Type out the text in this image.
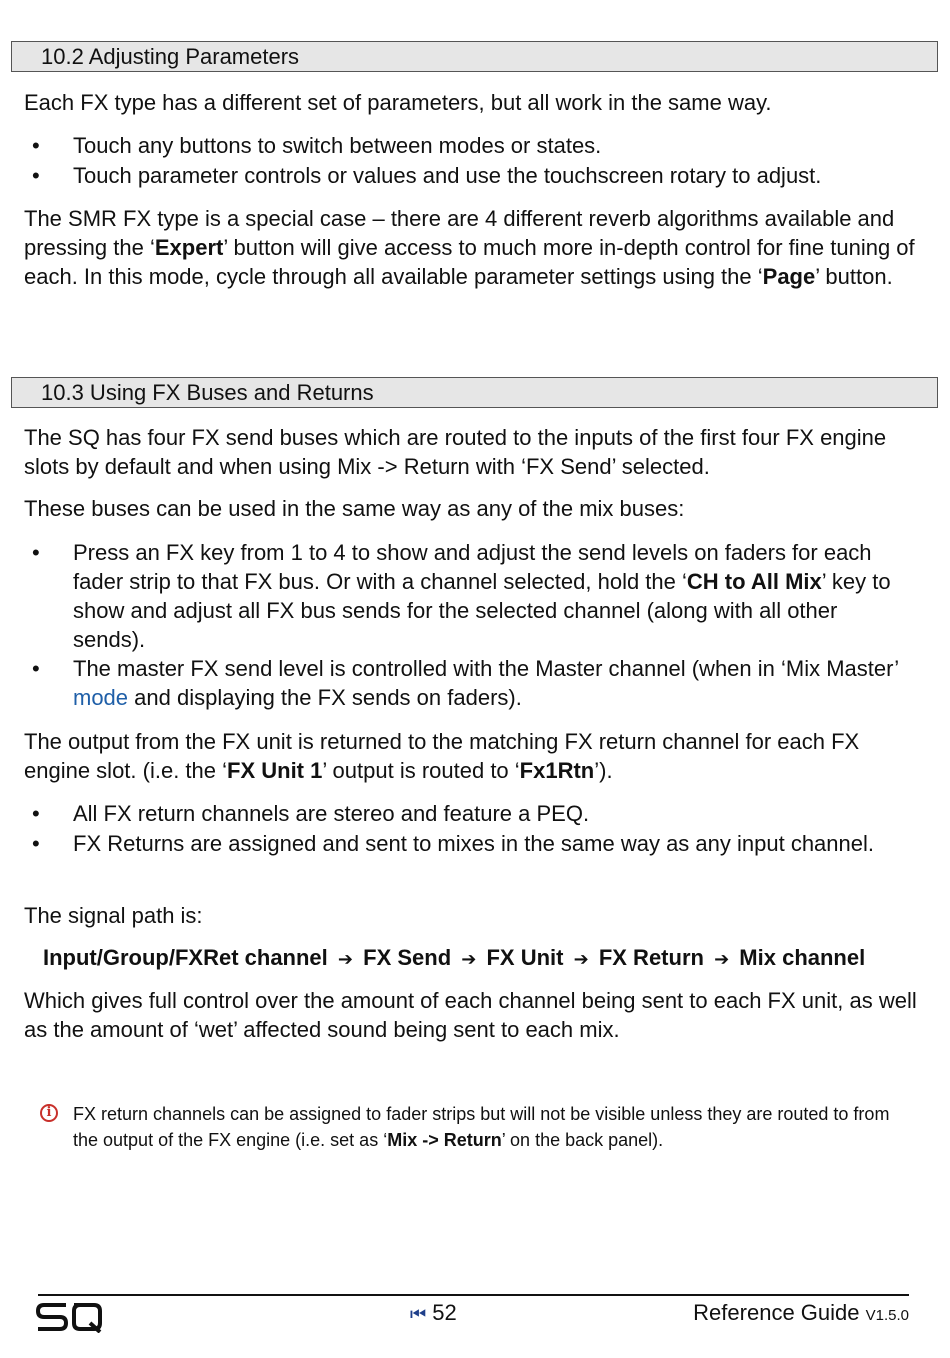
10.2 Adjusting Parameters

Each FX type has a different set of parameters, but all work in the same way.

• Touch any buttons to switch between modes or states.
• Touch parameter controls or values and use the touchscreen rotary to adjust.

The SMR FX type is a special case – there are 4 different reverb algorithms available and pressing the ‘Expert’ button will give access to much more in-depth control for fine tuning of each. In this mode, cycle through all available parameter settings using the ‘Page’ button.

10.3 Using FX Buses and Returns

The SQ has four FX send buses which are routed to the inputs of the first four FX engine slots by default and when using Mix -> Return with ‘FX Send’ selected.

These buses can be used in the same way as any of the mix buses:

• Press an FX key from 1 to 4 to show and adjust the send levels on faders for each fader strip to that FX bus. Or with a channel selected, hold the ‘CH to All Mix’ key to show and adjust all FX bus sends for the selected channel (along with all other sends).
• The master FX send level is controlled with the Master channel (when in ‘Mix Master’ mode and displaying the FX sends on faders).

The output from the FX unit is returned to the matching FX return channel for each FX engine slot. (i.e. the ‘FX Unit 1’ output is routed to ‘Fx1Rtn’).

• All FX return channels are stereo and feature a PEQ.
• FX Returns are assigned and sent to mixes in the same way as any input channel.

The signal path is:

Input/Group/FXRet channel ➔ FX Send ➔ FX Unit ➔ FX Return ➔ Mix channel

Which gives full control over the amount of each channel being sent to each FX unit, as well as the amount of ‘wet’ affected sound being sent to each mix.

i	FX return channels can be assigned to fader strips but will not be visible unless they are routed to from the output of the FX engine (i.e. set as ‘Mix -> Return’ on the back panel).
⏮ 52	Reference Guide V1.5.0
